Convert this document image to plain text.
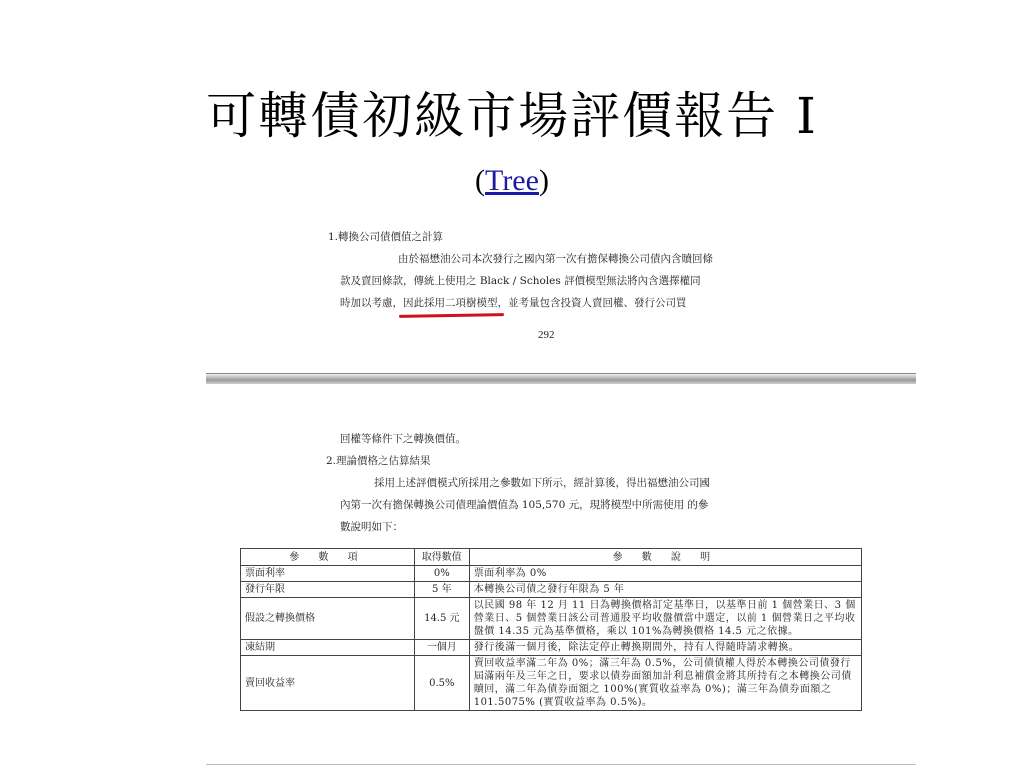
可轉債初級市場評價報告 I
(Tree)
1.轉換公司債價值之計算
由於福懋油公司本次發行之國內第一次有擔保轉換公司債內含贖回條
款及賣回條款，傳統上使用之 Black / Scholes 評價模型無法將內含選擇權同
時加以考慮，因此採用二項樹模型
，並考量包含投資人賣回權、發行公司買
292
回權等條件下之轉換價值。
2.理論價格之估算結果
採用上述評價模式所採用之參數如下所示，經計算後，得出福懋油公司國
內第一次有擔保轉換公司債理論價值為 105,570 元，現將模型中所需使用 的參
數說明如下：
參 數 項	取得數值	參 數 說 明
票面利率	0%	票面利率為 0%
發行年限	5 年	本轉換公司債之發行年限為 5 年
假設之轉換價格	14.5 元	以民國 98 年 12 月 11 日為轉換價格訂定基準日，以基準日前 1 個營業日、3 個營業日、5 個營業日該公司普通股平均收盤價當中選定，以前 1 個營業日之平均收盤價 14.35 元為基準價格，乘以 101%為轉換價格 14.5 元之依據。
凍結期	一個月	發行後滿一個月後，除法定停止轉換期間外，持有人得隨時請求轉換。
賣回收益率	0.5%	賣回收益率滿二年為 0%；滿三年為 0.5%，公司債債權人得於本轉換公司債發行屆滿兩年及三年之日，要求以債券面額加計利息補償金將其所持有之本轉換公司債贖回，滿二年為債券面額之 100%(實質收益率為 0%)；滿三年為債券面額之 101.5075% (實質收益率為 0.5%)。
